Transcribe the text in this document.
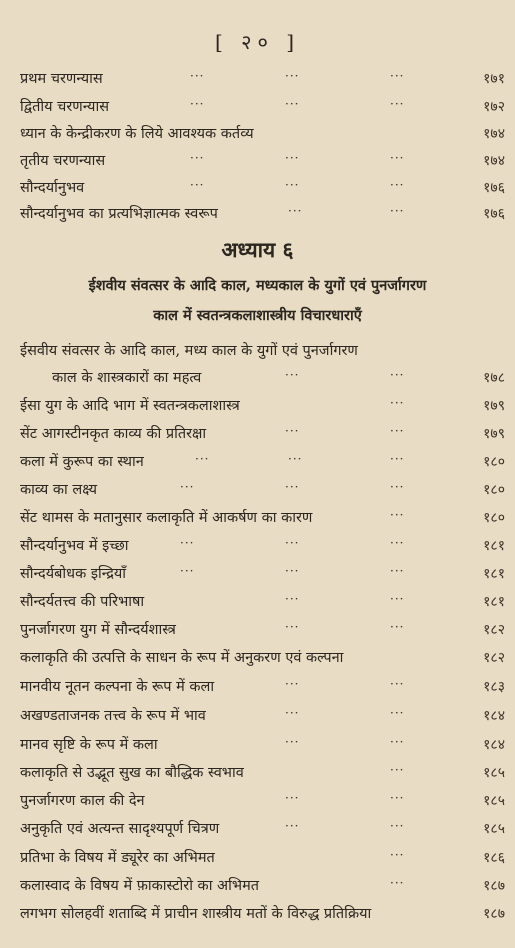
[ २० ]
प्रथम चरणन्यास	···	···	···	१७१
द्वितीय चरणन्यास	···	···	···	१७२
ध्यान के केन्द्रीकरण के लिये आवश्यक कर्तव्य	१७४
तृतीय चरणन्यास	···	···	···	१७४
सौन्दर्यानुभव	···	···	···	१७६
सौन्दर्यानुभव का प्रत्यभिज्ञात्मक स्वरूप	···	···	१७६
अध्याय ६
ईशवीय संवत्सर के आदि काल, मध्यकाल के युगों एवं पुनर्जागरण
काल में स्वतन्त्रकलाशास्त्रीय विचारधाराएँ
ईसवीय संवत्सर के आदि काल, मध्य काल के युगों एवं पुनर्जागरण
काल के शास्त्रकारों का महत्व	···	···	१७८
ईसा युग के आदि भाग में स्वतन्त्रकलाशास्त्र	···	१७९
सेंट आगस्टीनकृत काव्य की प्रतिरक्षा	···	···	१७९
कला में कुरूप का स्थान	···	···	···	१८०
काव्य का लक्ष्य	···	···	···	१८०
सेंट थामस के मतानुसार कलाकृति में आकर्षण का कारण	···	१८०
सौन्दर्यानुभव में इच्छा	···	···	···	१८१
सौन्दर्यबोधक इन्द्रियाँ	···	···	···	१८१
सौन्दर्यतत्त्व की परिभाषा	···	···	१८१
पुनर्जागरण युग में सौन्दर्यशास्त्र	···	···	१८२
कलाकृति की उत्पत्ति के साधन के रूप में अनुकरण एवं कल्पना	१८२
मानवीय नूतन कल्पना के रूप में कला	···	···	१८३
अखण्डताजनक तत्त्व के रूप में भाव	···	···	१८४
मानव सृष्टि के रूप में कला	···	···	१८४
कलाकृति से उद्भूत सुख का बौद्धिक स्वभाव	···	१८५
पुनर्जागरण काल की देन	···	···	१८५
अनुकृति एवं अत्यन्त सादृश्यपूर्ण चित्रण	···	···	१८५
प्रतिभा के विषय में ड्यूरेर का अभिमत	···	१८६
कलास्वाद के विषय में फ़ाकास्टोरो का अभिमत	···	१८७
लगभग सोलहवीं शताब्दि में प्राचीन शास्त्रीय मतों के विरुद्ध प्रतिक्रिया	१८७
